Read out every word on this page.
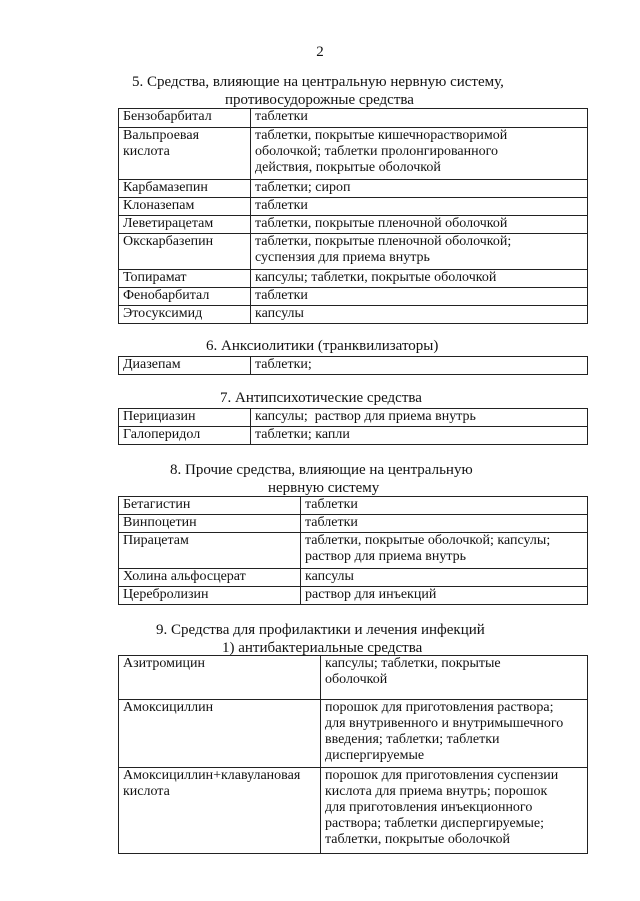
2
5. Средства, влияющие на центральную нервную систему,
противосудорожные средства
Бензобарбитал	таблетки

Вальпроевая
кислота	таблетки, покрытые кишечнорастворимой
оболочкой; таблетки пролонгированного
действия, покрытые оболочкой

Карбамазепин	таблетки; сироп

Клоназепам	таблетки

Леветирацетам	таблетки, покрытые пленочной оболочкой

Окскарбазепин	таблетки, покрытые пленочной оболочкой;
суспензия для приема внутрь

Топирамат	капсулы; таблетки, покрытые оболочкой

Фенобарбитал	таблетки

Этосуксимид	капсулы
6. Анксиолитики (транквилизаторы)
Диазепам	таблетки;
7. Антипсихотические средства
Перициазин	капсулы;  раствор для приема внутрь

Галоперидол	таблетки; капли
8. Прочие средства, влияющие на центральную
нервную систему
Бетагистин	таблетки

Винпоцетин	таблетки

Пирацетам	таблетки, покрытые оболочкой; капсулы;
раствор для приема внутрь

Холина альфосцерат	капсулы

Церебролизин	раствор для инъекций
9. Средства для профилактики и лечения инфекций
1) антибактериальные средства
Азитромицин	капсулы; таблетки, покрытые
оболочкой

Амоксициллин	порошок для приготовления раствора;
для внутривенного и внутримышечного
введения; таблетки; таблетки
диспергируемые

Амоксициллин+клавулановая
кислота	порошок для приготовления суспензии
кислота для приема внутрь; порошок
для приготовления инъекционного
раствора; таблетки диспергируемые;
таблетки, покрытые оболочкой
